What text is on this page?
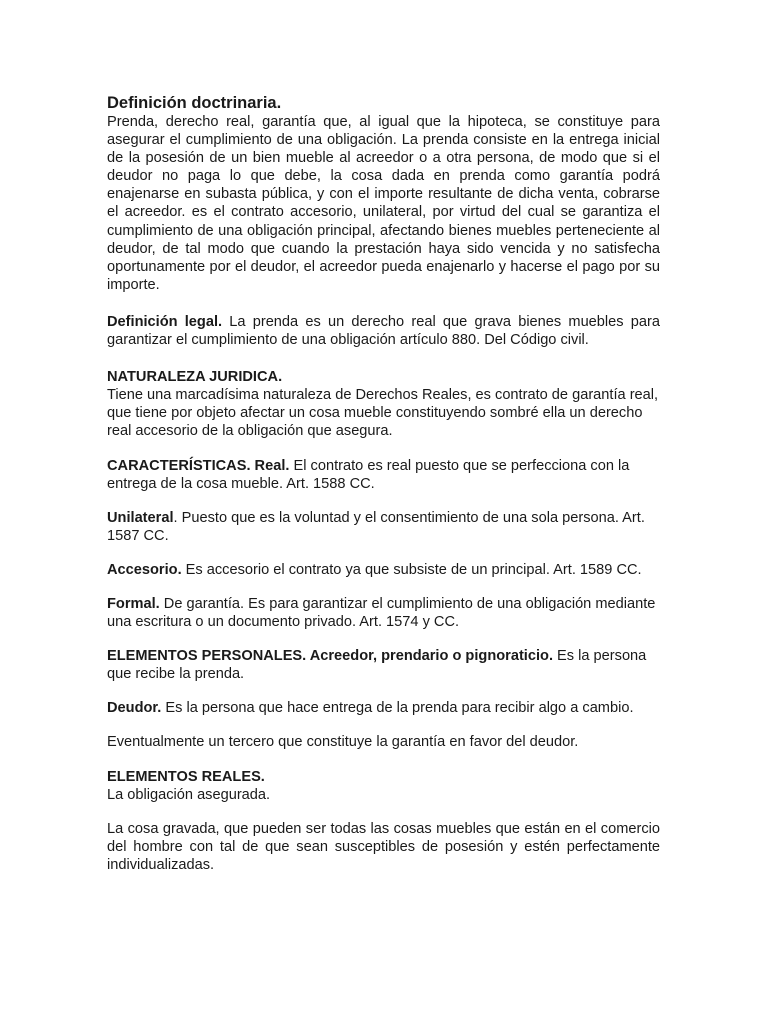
Definición doctrinaria.
Prenda, derecho real, garantía que, al igual que la hipoteca, se constituye para asegurar el cumplimiento de una obligación. La prenda consiste en la entrega inicial de la posesión de un bien mueble al acreedor o a otra persona, de modo que si el deudor no paga lo que debe, la cosa dada en prenda como garantía podrá enajenarse en subasta pública, y con el importe resultante de dicha venta, cobrarse el acreedor. es el contrato accesorio, unilateral, por virtud del cual se garantiza el cumplimiento de una obligación principal, afectando bienes muebles perteneciente al deudor, de tal modo que cuando la prestación haya sido vencida y no satisfecha oportunamente por el deudor, el acreedor pueda enajenarlo y hacerse el pago por su importe.

Definición legal. La prenda es un derecho real que grava bienes muebles para garantizar el cumplimiento de una obligación artículo 880. Del Código civil.

NATURALEZA JURIDICA.
Tiene una marcadísima naturaleza de Derechos Reales, es contrato de garantía real, que tiene por objeto afectar un cosa mueble constituyendo sombré ella un derecho real accesorio de la obligación que asegura.

CARACTERÍSTICAS. Real. El contrato es real puesto que se perfecciona con la entrega de la cosa mueble. Art. 1588 CC.

Unilateral. Puesto que es la voluntad y el consentimiento de una sola persona. Art. 1587 CC.

Accesorio. Es accesorio el contrato ya que subsiste de un principal. Art. 1589 CC.

Formal. De garantía. Es para garantizar el cumplimiento de una obligación mediante una escritura o un documento privado. Art. 1574 y CC.

ELEMENTOS PERSONALES. Acreedor, prendario o pignoraticio. Es la persona que recibe la prenda.

Deudor. Es la persona que hace entrega de la prenda para recibir algo a cambio.

Eventualmente un tercero que constituye la garantía en favor del deudor.

ELEMENTOS REALES.
La obligación asegurada.

La cosa gravada, que pueden ser todas las cosas muebles que están en el comercio del hombre con tal de que sean susceptibles de posesión y estén perfectamente individualizadas.
